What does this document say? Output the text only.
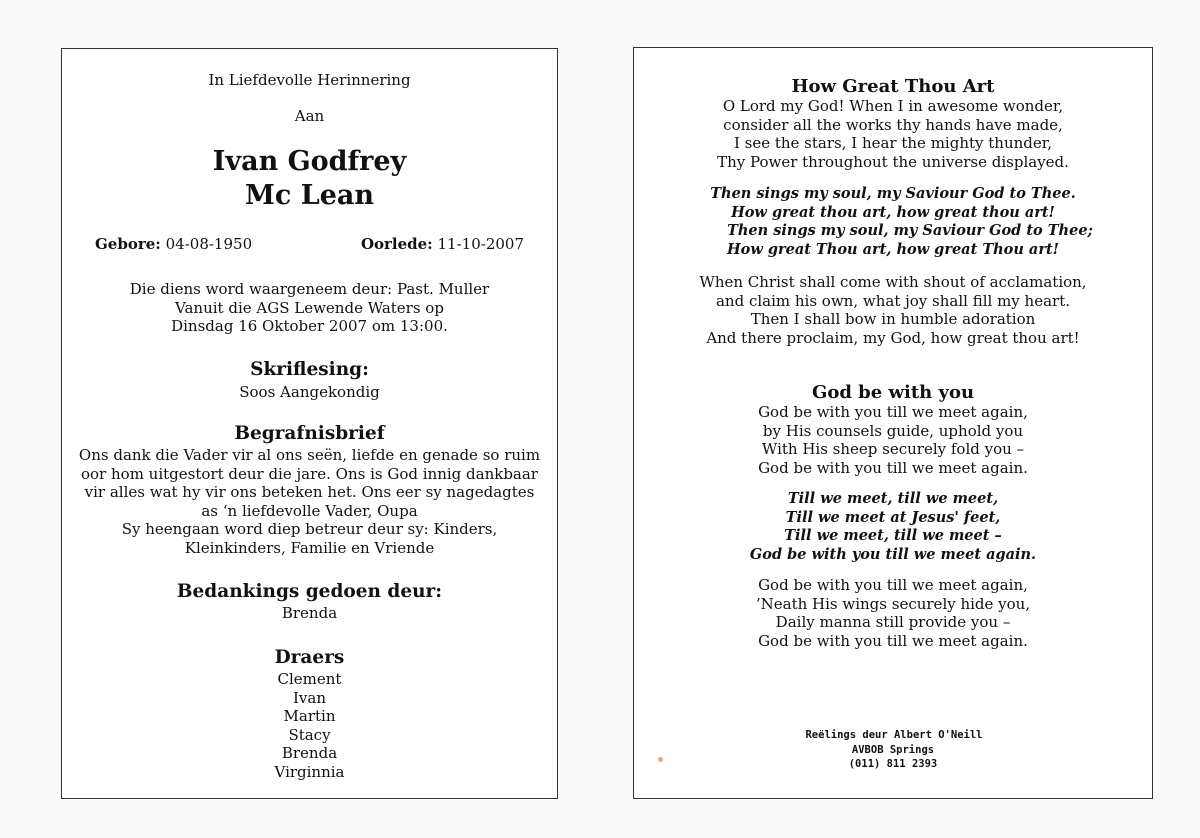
In Liefdevolle Herinnering
Aan
Ivan Godfrey
Mc Lean
Gebore: 04-08-1950	Oorlede: 11-10-2007
Die diens word waargeneem deur: Past. Muller
Vanuit die AGS Lewende Waters op
Dinsdag 16 Oktober 2007 om 13:00.
Skriflesing:
Soos Aangekondig
Begrafnisbrief
Ons dank die Vader vir al ons seën, liefde en genade so ruim
oor hom uitgestort deur die jare. Ons is God innig dankbaar
vir alles wat hy vir ons beteken het. Ons eer sy nagedagtes
as ‘n liefdevolle Vader, Oupa
Sy heengaan word diep betreur deur sy: Kinders,
Kleinkinders, Familie en Vriende
Bedankings gedoen deur:
Brenda
Draers
Clement
Ivan
Martin
Stacy
Brenda
Virginnia
How Great Thou Art
O Lord my God! When I in awesome wonder,
consider all the works thy hands have made,
I see the stars, I hear the mighty thunder,
Thy Power throughout the universe displayed.
Then sings my soul, my Saviour God to Thee.
How great thou art, how great thou art!
Then sings my soul, my Saviour God to Thee;
How great Thou art, how great Thou art!
When Christ shall come with shout of acclamation,
and claim his own, what joy shall fill my heart.
Then I shall bow in humble adoration
And there proclaim, my God, how great thou art!
God be with you
God be with you till we meet again,
by His counsels guide, uphold you
With His sheep securely fold you –
God be with you till we meet again.
Till we meet, till we meet,
Till we meet at Jesus' feet,
Till we meet, till we meet –
God be with you till we meet again.
God be with you till we meet again,
’Neath His wings securely hide you,
Daily manna still provide you –
God be with you till we meet again.
Reëlings deur Albert O'Neill
AVBOB Springs
(011) 811 2393
